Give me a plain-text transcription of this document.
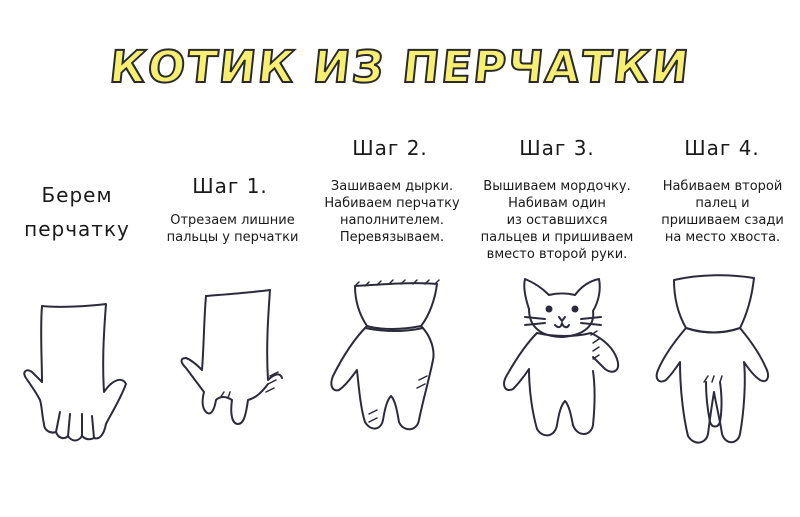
КОТИК ИЗ ПЕРЧАТКИ
Берем
перчатку
Шаг 1.
Отрезаем лишние
пальцы у перчатки
Шаг 2.
Зашиваем дырки.
Набиваем перчатку
наполнителем.
Перевязываем.
Шаг 3.
Вышиваем мордочку.
Набивам один
из оставшихся
пальцев и пришиваем
вместо второй руки.
Шаг 4.
Набиваем второй
палец и
пришиваем сзади
на место хвоста.
